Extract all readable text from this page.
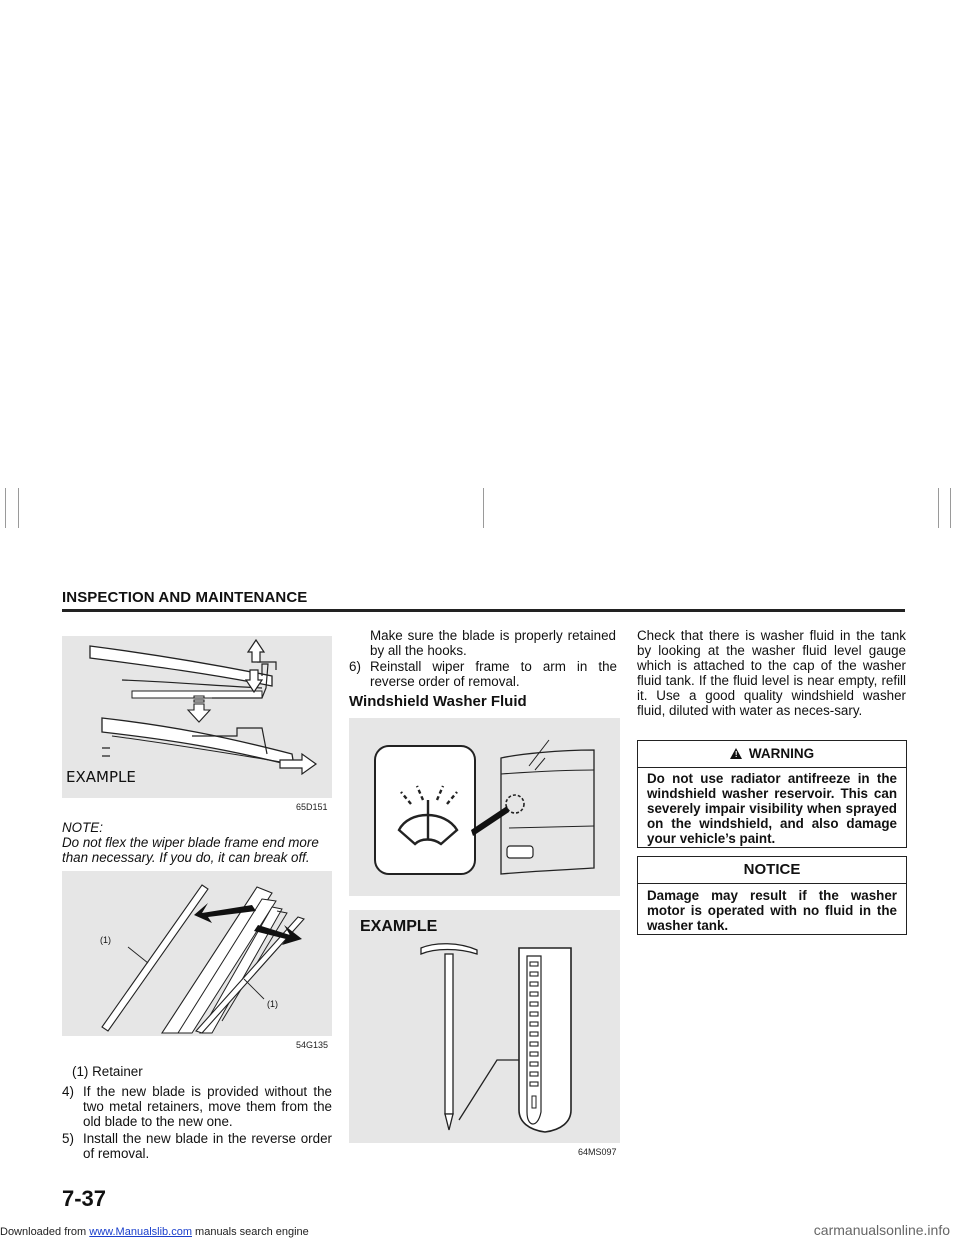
INSPECTION AND MAINTENANCE
EXAMPLE
65D151
NOTE:
Do not flex the wiper blade frame end more than necessary. If you do, it can break off.
(1)
(1)
54G135
(1) Retainer
4) If the new blade is provided without the two metal retainers, move them from the old blade to the new one.
5) Install the new blade in the reverse order of removal.
Make sure the blade is properly retained by all the hooks.
6) Reinstall wiper frame to arm in the reverse order of removal.
Windshield Washer Fluid
EXAMPLE
64MS097
Check that there is washer fluid in the tank by looking at the washer fluid level gauge which is attached to the cap of the washer fluid tank. If the fluid level is near empty, refill it. Use a good quality windshield washer fluid, diluted with water as neces-sary.
! WARNING
Do not use radiator antifreeze in the windshield washer reservoir. This can severely impair visibility when sprayed on the windshield, and also damage your vehicle’s paint.
NOTICE
Damage may result if the washer motor is operated with no fluid in the washer tank.
7-37
Downloaded from www.Manualslib.com manuals search engine	carmanualsonline.info
